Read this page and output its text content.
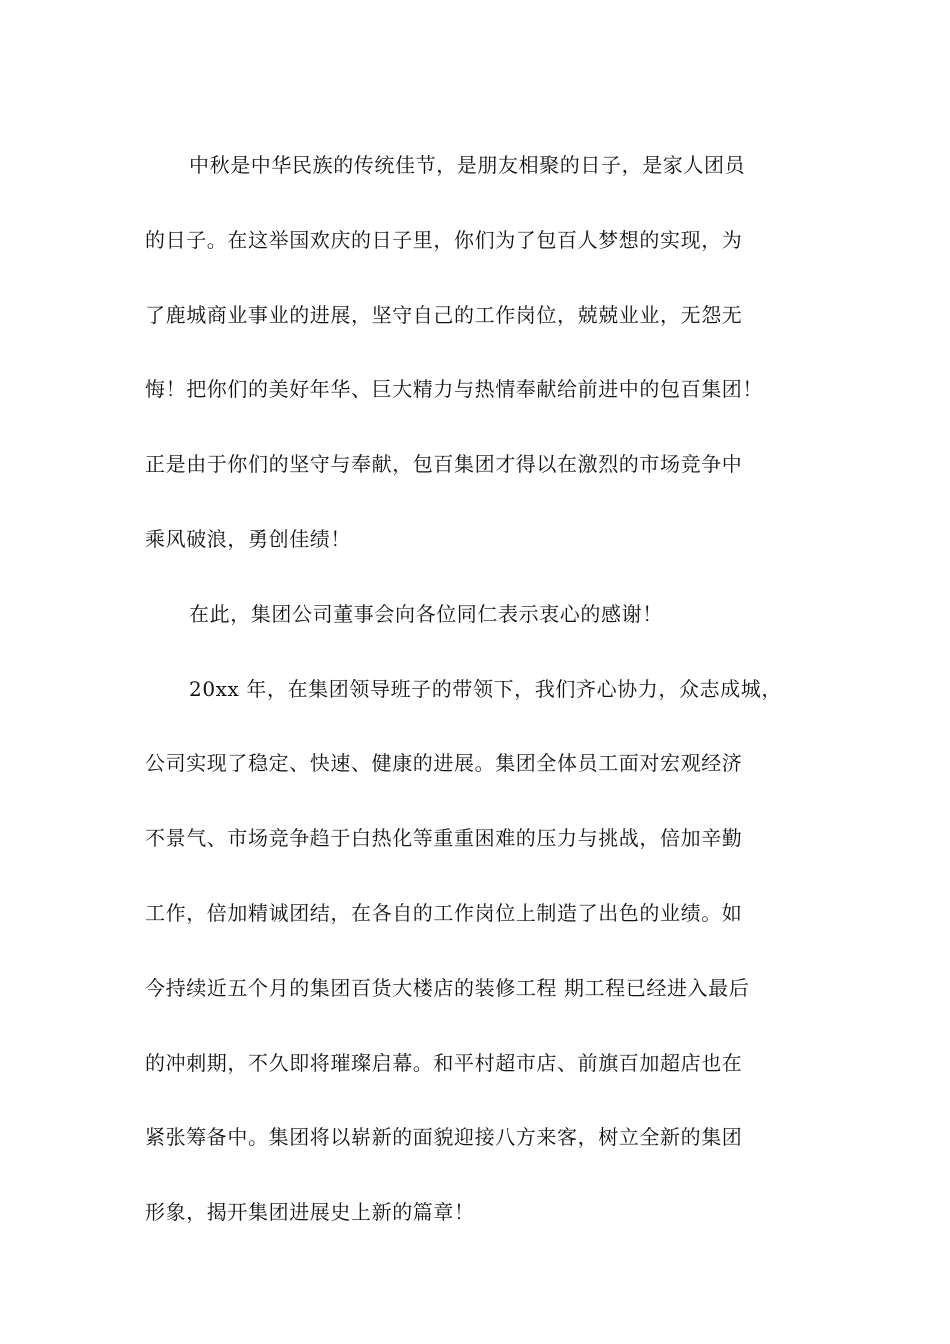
中秋是中华民族的传统佳节，是朋友相聚的日子，是家人团员
的日子。在这举国欢庆的日子里，你们为了包百人梦想的实现，为
了鹿城商业事业的进展，坚守自己的工作岗位，兢兢业业，无怨无
悔！把你们的美好年华、巨大精力与热情奉献给前进中的包百集团！
正是由于你们的坚守与奉献，包百集团才得以在激烈的市场竞争中
乘风破浪，勇创佳绩！
在此，集团公司董事会向各位同仁表示衷心的感谢！
20xx 年，在集团领导班子的带领下，我们齐心协力，众志成城，
公司实现了稳定、快速、健康的进展。集团全体员工面对宏观经济
不景气、市场竞争趋于白热化等重重困难的压力与挑战，倍加辛勤
工作，倍加精诚团结，在各自的工作岗位上制造了出色的业绩。如
今持续近五个月的集团百货大楼店的装修工程 期工程已经进入最后
的冲刺期，不久即将璀璨启幕。和平村超市店、前旗百加超店也在
紧张筹备中。集团将以崭新的面貌迎接八方来客，树立全新的集团
形象，揭开集团进展史上新的篇章！
